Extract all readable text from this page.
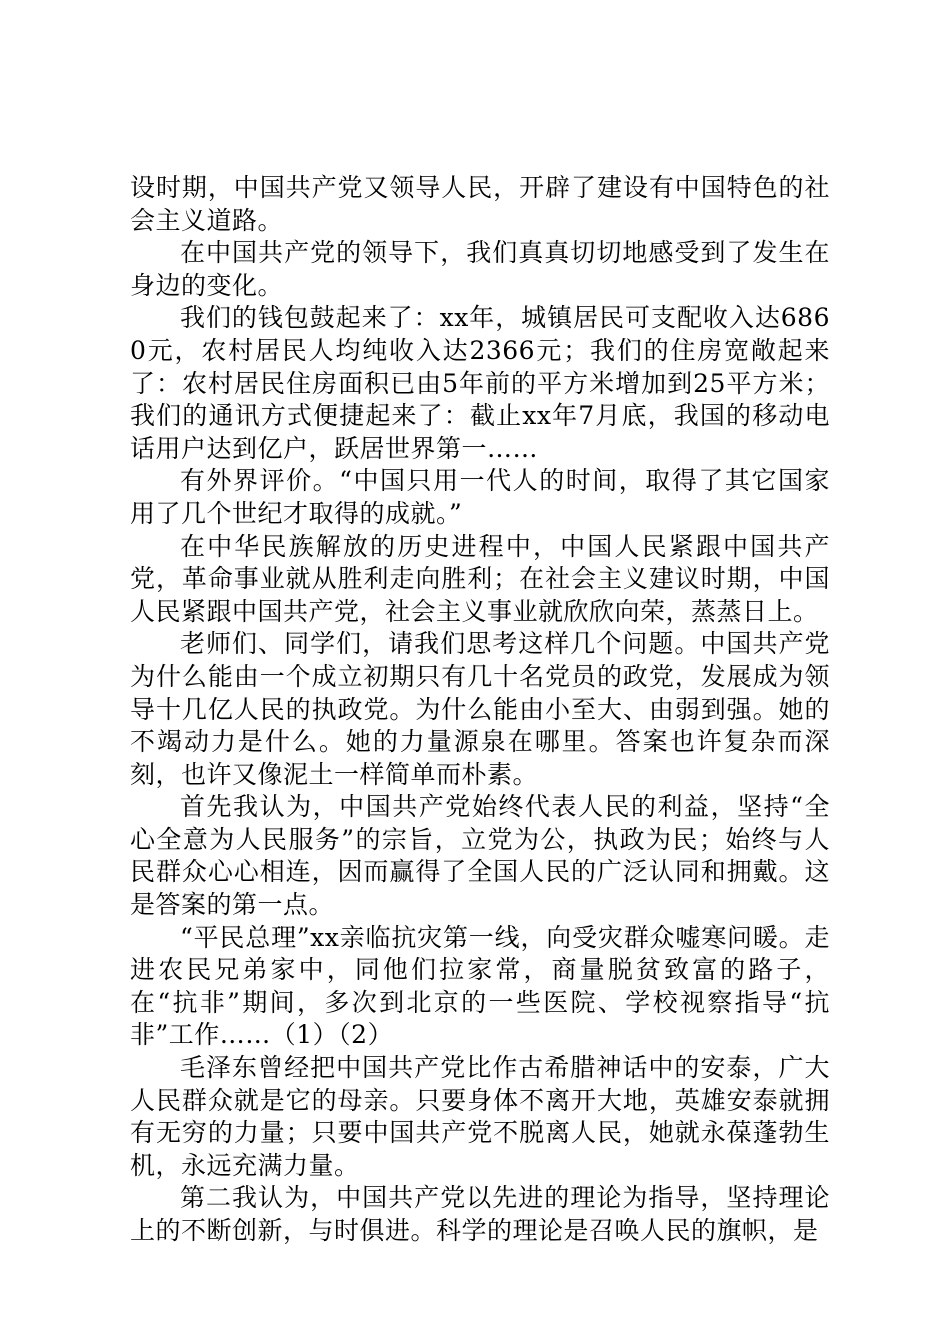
设时期，中国共产党又领导人民，开辟了建设有中国特色的社会主义道路。

在中国共产党的领导下，我们真真切切地感受到了发生在身边的变化。

我们的钱包鼓起来了：xx年，城镇居民可支配收入达6860元，农村居民人均纯收入达2366元；我们的住房宽敞起来了：农村居民住房面积已由5年前的平方米增加到25平方米；我们的通讯方式便捷起来了：截止xx年7月底，我国的移动电话用户达到亿户，跃居世界第一……

有外界评价。“中国只用一代人的时间，取得了其它国家用了几个世纪才取得的成就。”

在中华民族解放的历史进程中，中国人民紧跟中国共产党，革命事业就从胜利走向胜利；在社会主义建议时期，中国人民紧跟中国共产党，社会主义事业就欣欣向荣，蒸蒸日上。

老师们、同学们，请我们思考这样几个问题。中国共产党为什么能由一个成立初期只有几十名党员的政党，发展成为领导十几亿人民的执政党。为什么能由小至大、由弱到强。她的不竭动力是什么。她的力量源泉在哪里。答案也许复杂而深刻，也许又像泥土一样简单而朴素。

首先我认为，中国共产党始终代表人民的利益，坚持“全心全意为人民服务”的宗旨，立党为公，执政为民；始终与人民群众心心相连，因而赢得了全国人民的广泛认同和拥戴。这是答案的第一点。

“平民总理”xx亲临抗灾第一线，向受灾群众嘘寒问暖。走进农民兄弟家中，同他们拉家常，商量脱贫致富的路子，在“抗非”期间，多次到北京的一些医院、学校视察指导“抗非”工作……（1）（2）

毛泽东曾经把中国共产党比作古希腊神话中的安泰，广大人民群众就是它的母亲。只要身体不离开大地，英雄安泰就拥有无穷的力量；只要中国共产党不脱离人民，她就永葆蓬勃生机，永远充满力量。

第二我认为，中国共产党以先进的理论为指导，坚持理论上的不断创新，与时俱进。科学的理论是召唤人民的旗帜，是
